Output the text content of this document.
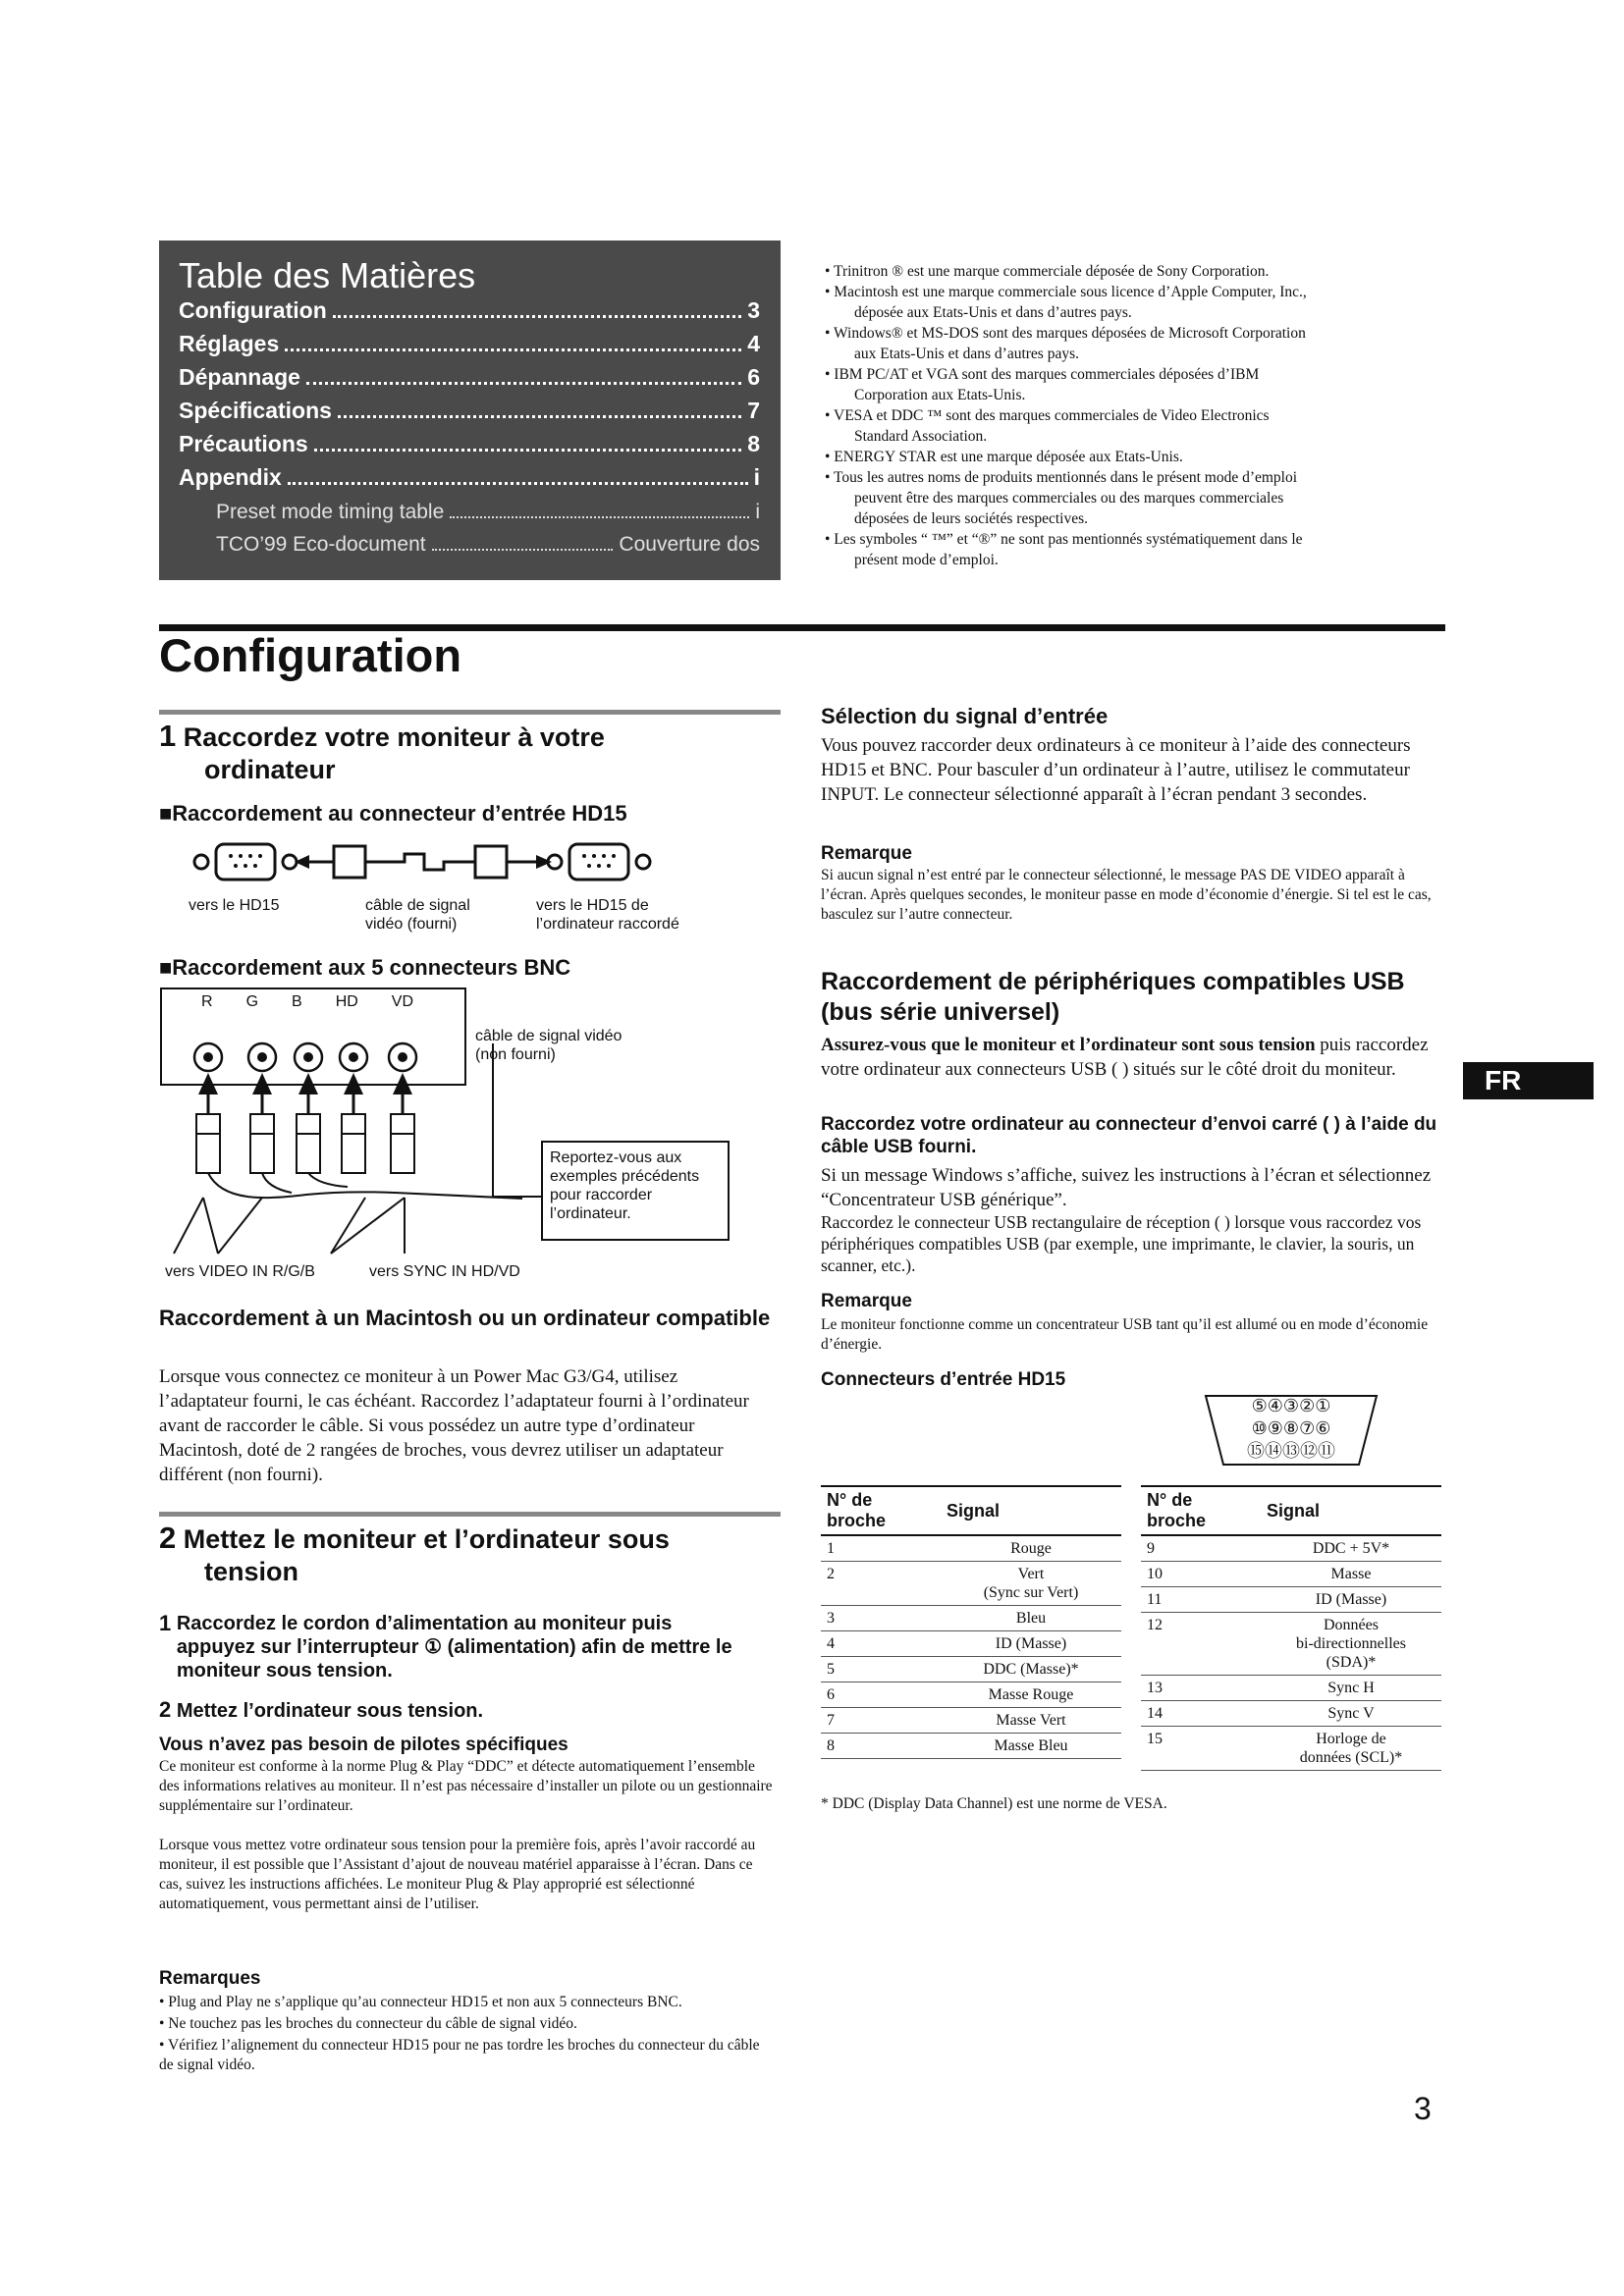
Table des Matières
Configuration	3
Réglages	4
Dépannage	6
Spécifications	7
Précautions	8
Appendix	i
Preset mode timing table	i
TCO’99 Eco-document	Couverture dos
• Trinitron ® est une marque commerciale déposée de Sony Corporation.
• Macintosh est une marque commerciale sous licence d’Apple Computer, Inc.,
déposée aux Etats-Unis et dans d’autres pays.
• Windows® et MS-DOS sont des marques déposées de Microsoft Corporation
aux Etats-Unis et dans d’autres pays.
• IBM PC/AT et VGA sont des marques commerciales déposées d’IBM
Corporation aux Etats-Unis.
• VESA et DDC ™ sont des marques commerciales de Video Electronics
Standard Association.
• ENERGY STAR est une marque déposée aux Etats-Unis.
• Tous les autres noms de produits mentionnés dans le présent mode d’emploi
peuvent être des marques commerciales ou des marques commerciales
déposées de leurs sociétés respectives.
• Les symboles “ ™” et “®” ne sont pas mentionnés systématiquement dans le
présent mode d’emploi.
Configuration
1 Raccordez votre moniteur à votre
ordinateur
■Raccordement au connecteur d’entrée HD15
vers le HD15	câble de signal
vidéo (fourni)
vers le HD15 de
l’ordinateur raccordé
■Raccordement aux 5 connecteurs BNC
R G B HD VD
câble de signal vidéo
(non fourni)
Reportez-vous aux
exemples précédents
pour raccorder
l’ordinateur.
vers VIDEO IN R/G/B	vers SYNC IN HD/VD
Raccordement à un Macintosh ou un ordinateur compatible
Lorsque vous connectez ce moniteur à un Power Mac G3/G4, utilisez l’adaptateur fourni, le cas échéant. Raccordez l’adaptateur fourni à l’ordinateur avant de raccorder le câble. Si vous possédez un autre type d’ordinateur Macintosh, doté de 2 rangées de broches, vous devrez utiliser un adaptateur différent (non fourni).
2 Mettez le moniteur et l’ordinateur sous
tension
1 Raccordez le cordon d’alimentation au moniteur puis appuyez sur l’interrupteur ① (alimentation) afin de mettre le moniteur sous tension.
2 Mettez l’ordinateur sous tension.
Vous n’avez pas besoin de pilotes spécifiques
Ce moniteur est conforme à la norme Plug & Play “DDC” et détecte automatiquement l’ensemble des informations relatives au moniteur. Il n’est pas nécessaire d’installer un pilote ou un gestionnaire supplémentaire sur l’ordinateur.
Lorsque vous mettez votre ordinateur sous tension pour la première fois, après l’avoir raccordé au moniteur, il est possible que l’Assistant d’ajout de nouveau matériel apparaisse à l’écran. Dans ce cas, suivez les instructions affichées. Le moniteur Plug & Play approprié est sélectionné automatiquement, vous permettant ainsi de l’utiliser.
Remarques
• Plug and Play ne s’applique qu’au connecteur HD15 et non aux 5 connecteurs BNC.
• Ne touchez pas les broches du connecteur du câble de signal vidéo.
• Vérifiez l’alignement du connecteur HD15 pour ne pas tordre les broches du connecteur du câble de signal vidéo.
Sélection du signal d’entrée
Vous pouvez raccorder deux ordinateurs à ce moniteur à l’aide des connecteurs HD15 et BNC. Pour basculer d’un ordinateur à l’autre, utilisez le commutateur INPUT. Le connecteur sélectionné apparaît à l’écran pendant 3 secondes.
Remarque
Si aucun signal n’est entré par le connecteur sélectionné, le message PAS DE VIDEO apparaît à l’écran. Après quelques secondes, le moniteur passe en mode d’économie d’énergie. Si tel est le cas, basculez sur l’autre connecteur.
Raccordement de périphériques compatibles USB (bus série universel)
Assurez-vous que le moniteur et l’ordinateur sont sous tension puis raccordez votre ordinateur aux connecteurs USB ( ) situés sur le côté droit du moniteur.
Raccordez votre ordinateur au connecteur d’envoi carré ( ) à l’aide du câble USB fourni.
Si un message Windows s’affiche, suivez les instructions à l’écran et sélectionnez “Concentrateur USB générique”.
Raccordez le connecteur USB rectangulaire de réception ( ) lorsque vous raccordez vos périphériques compatibles USB (par exemple, une imprimante, le clavier, la souris, un scanner, etc.).
Remarque
Le moniteur fonctionne comme un concentrateur USB tant qu’il est allumé ou en mode d’économie d’énergie.
Connecteurs d’entrée HD15
⑤④③②①
⑩⑨⑧⑦⑥
⑮⑭⑬⑫⑪
N° de broche	Signal
1	Rouge
2	Vert
(Sync sur Vert)
3	Bleu
4	ID (Masse)
5	DDC (Masse)*
6	Masse Rouge
7	Masse Vert
8	Masse Bleu
N° de broche	Signal
9	DDC + 5V*
10	Masse
11	ID (Masse)
12	Données
bi-directionnelles
(SDA)*
13	Sync H
14	Sync V
15	Horloge de
données (SCL)*
* DDC (Display Data Channel) est une norme de VESA.
FR
3
